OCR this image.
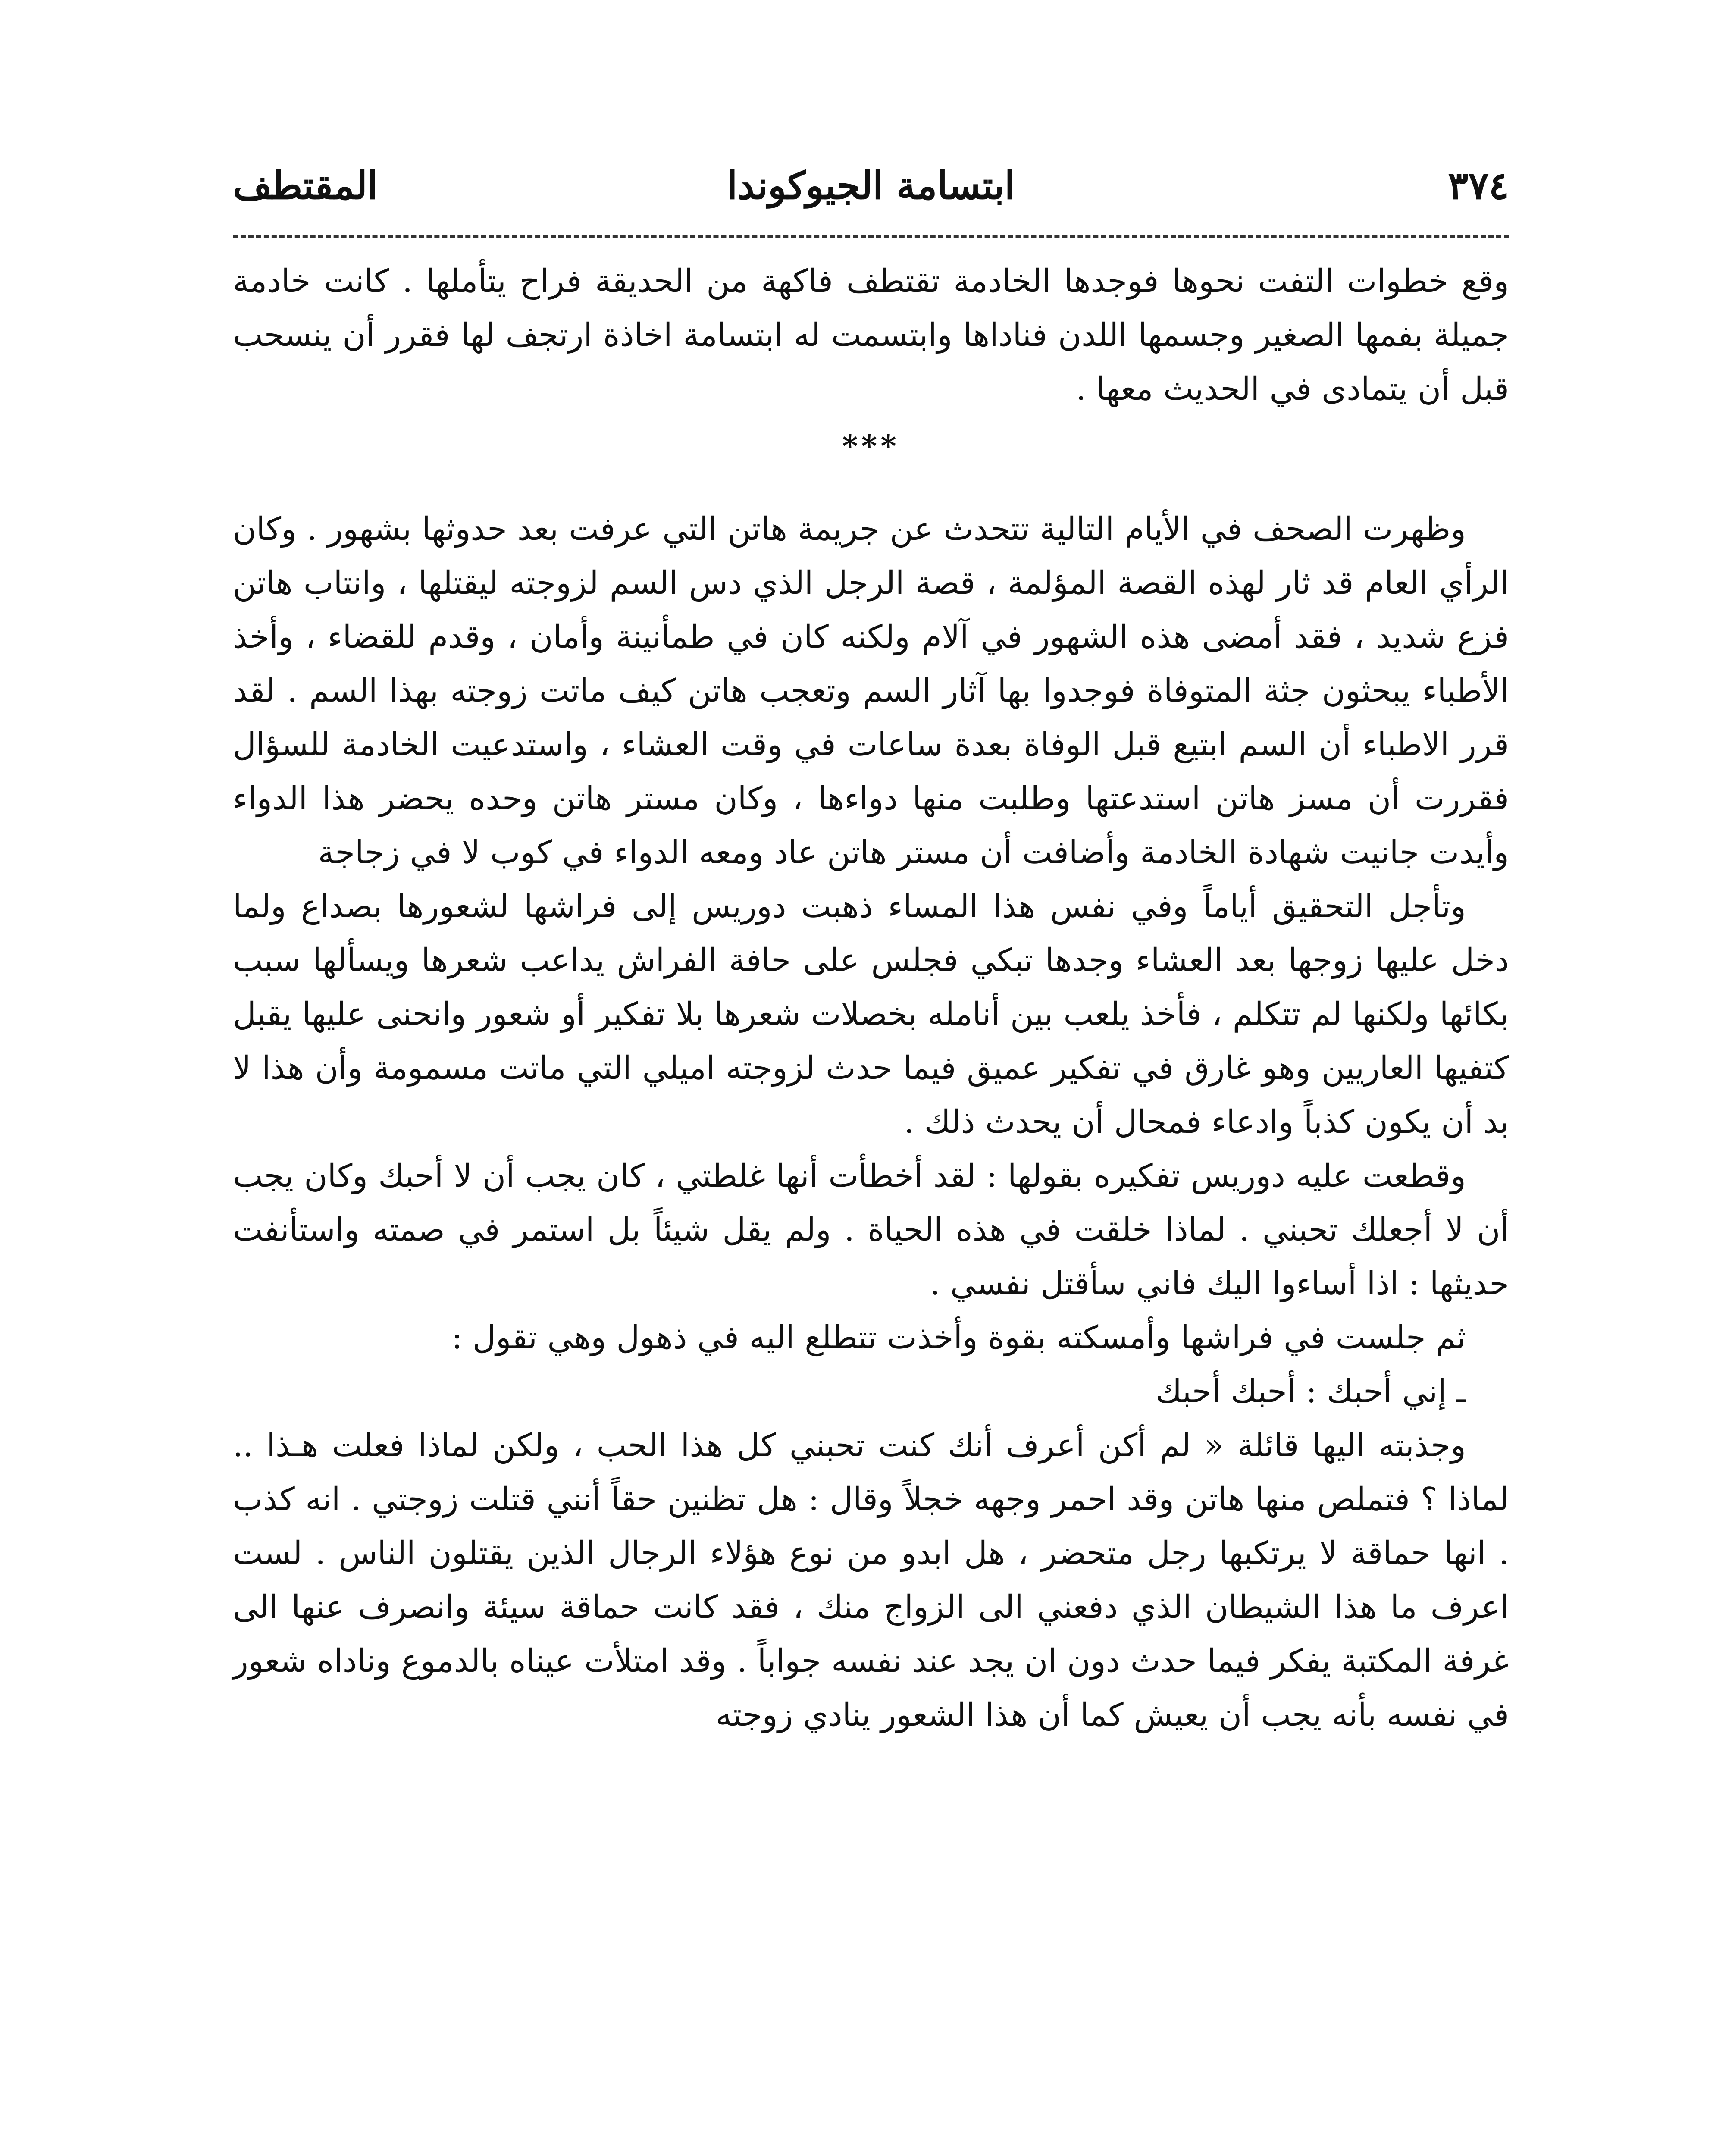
٣٧٤
ابتسامة الجيوكوندا
المقتطف

وقع خطوات التفت نحوها فوجدها الخادمة تقتطف فاكهة من الحديقة فراح يتأملها . كانت خادمة جميلة بفمها الصغير وجسمها اللدن فناداها وابتسمت له ابتسامة اخاذة ارتجف لها فقرر أن ينسحب قبل أن يتمادى في الحديث معها .

***

وظهرت الصحف في الأيام التالية تتحدث عن جريمة هاتن التي عرفت بعد حدوثها بشهور . وكان الرأي العام قد ثار لهذه القصة المؤلمة ، قصة الرجل الذي دس السم لزوجته ليقتلها ، وانتاب هاتن فزع شديد ، فقد أمضى هذه الشهور في آلام ولكنه كان في طمأنينة وأمان ، وقدم للقضاء ، وأخذ الأطباء يبحثون جثة المتوفاة فوجدوا بها آثار السم وتعجب هاتن كيف ماتت زوجته بهذا السم . لقد قرر الاطباء أن السم ابتيع قبل الوفاة بعدة ساعات في وقت العشاء ، واستدعيت الخادمة للسؤال فقررت أن مسز هاتن استدعتها وطلبت منها دواءها ، وكان مستر هاتن وحده يحضر هذا الدواء وأيدت جانيت شهادة الخادمة وأضافت أن مستر هاتن عاد ومعه الدواء في كوب لا في زجاجة

وتأجل التحقيق أياماً وفي نفس هذا المساء ذهبت دوريس إلى فراشها لشعورها بصداع ولما دخل عليها زوجها بعد العشاء وجدها تبكي فجلس على حافة الفراش يداعب شعرها ويسألها سبب بكائها ولكنها لم تتكلم ، فأخذ يلعب بين أنامله بخصلات شعرها بلا تفكير أو شعور وانحنى عليها يقبل كتفيها العاريين وهو غارق في تفكير عميق فيما حدث لزوجته اميلي التي ماتت مسمومة وأن هذا لا بد أن يكون كذباً وادعاء فمحال أن يحدث ذلك .

وقطعت عليه دوريس تفكيره بقولها : لقد أخطأت أنها غلطتي ، كان يجب أن لا أحبك وكان يجب أن لا أجعلك تحبني . لماذا خلقت في هذه الحياة . ولم يقل شيئاً بل استمر في صمته واستأنفت حديثها : اذا أساءوا اليك فاني سأقتل نفسي .

ثم جلست في فراشها وأمسكته بقوة وأخذت تتطلع اليه في ذهول وهي تقول :

ـ إني أحبك : أحبك أحبك

وجذبته اليها قائلة « لم أكن أعرف أنك كنت تحبني كل هذا الحب ، ولكن لماذا فعلت هـذا .. لماذا ؟ فتملص منها هاتن وقد احمر وجهه خجلاً وقال : هل تظنين حقاً أنني قتلت زوجتي . انه كذب . انها حماقة لا يرتكبها رجل متحضر ، هل ابدو من نوع هؤلاء الرجال الذين يقتلون الناس . لست اعرف ما هذا الشيطان الذي دفعني الى الزواج منك ، فقد كانت حماقة سيئة وانصرف عنها الى غرفة المكتبة يفكر فيما حدث دون ان يجد عند نفسه جواباً . وقد امتلأت عيناه بالدموع وناداه شعور في نفسه بأنه يجب أن يعيش كما أن هذا الشعور ينادي زوجته
